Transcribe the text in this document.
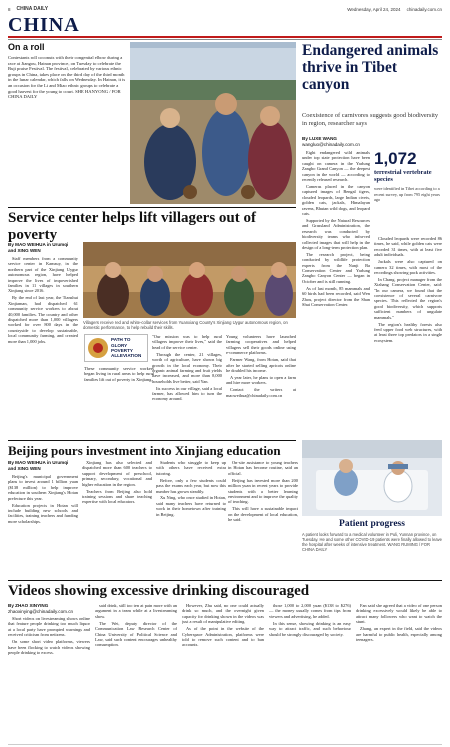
8 CHINA DAILY	Wednesday, April 24, 2024 chinadaily.com.cn
CHINA
On a roll
Contestants roll coconuts with their congenital elbow during a race at Jiangou, Hainan province, on Tuesday to celebrate the Buji praise Festival. The festival, celebrated by various ethnic groups in China, takes place on the third day of the third month in the lunar calendar, which falls on Wednesday. In Hainan, it is an occasion for the Li and Miao ethnic groups to celebrate a good harvest for the young to court. SHE HANYONG / FOR CHINA DAILY
Endangered animals thrive in Tibet canyon
Coexistence of carnivores suggests good biodiversity in region, researcher says
By LUXE WANG
wangluo@chinadaily.com.cn

Eight endangered wild animals under top state protection have been caught on camera in the Yarlung Zangbo Grand Canyon — the deepest canyon in the world — according to recently released research.

Cameras placed in the canyon captured images of Bengal tigers, clouded leopards, large Indian civets, golden cats, jackals, Himalayan ravens, Bhutan wild dogs, and leopard cats.

Supported by the Natural Resources and Grassland Administration, the research was conducted by biodiversity teams who infra-red collected images that will help in the design of a long-term protection plan.

The research project, being conducted by wildlife protection experts from the Nanji Ba Conservation Center and Yarlung Zangbo Canyon Center — began in October and is still running.

As of last month, 85 mammals and 60 birds had been recorded, said Wen Zhou, project director from the Shan Shui Conservation Center.

1,072
terrestrial vertebrate species
were identified in Tibet according to a recent survey, up from 795 eight years ago

Clouded leopards were recorded 86 times, he said, while golden cats were recorded 31 times, with at least five adult individuals.

Jackals were also captured on camera 32 times, with most of the recordings showing pack activities.

In Chang, project manager from the Xizhang Conservation Center, said: "In our camera, we found that the coexistence of several carnivore species. This reflected the region's good biodiversity, which supports sufficient numbers of ungulate mammals."

The region's healthy forests also feed upper food web structures, with at least three top predators in a single ecosystem.

Service center helps lift villagers out of poverty
By MAO WEIHUA in Urumqi
and XING WEN

Staff members from a community service center in Kamzuy, in the northern part of the Xinjiang Uygur autonomous region, have helped improve the lives of impoverished families in 11 villages in southern Xinjiang since 2016.

By the end of last year, the Tianshui Xinjiaman, had dispatched 61 community service workers to about 40,000 families. The country and other dispatched more than 1,000 villagers worked for over 800 days in the countryside to develop sustainable, local community farming, and created more than 1,000 jobs.

Villagers receive red and white-collar services from Yuanxiang County's Xinjiang Uygur autonomous region, on domestic performance, to help rebuild their skills.
PATH TO GLORY POVERTY ALLEVIATION

These community service workers began living in rural areas to help rural families lift out of poverty in Xinjiang.

"Our mission was to help rural villagers improve their lives," said the head of the service center.

Through the center, 21 villages, worth of agriculture, have shown big growth in the local economy. Their organic animal farming and fruit yields have increased, and more than 8,000 households live better, said Yan.

Its success in our village, said a local farmer, has allowed him to turn the economy around.

Young volunteers have launched farming cooperatives and helped villagers sell their goods online using e-commerce platforms.

Farmer Wang, from Hotan, said that after he started selling apricots online he doubled his income.

A year later, he plans to open a farm and hire more workers.

Contact the writers at maoweihua@chinadaily.com.cn

Beijing pours investment into Xinjiang education
By MAO WEIHUA in Urumqi
and XING WEN

Beijing's municipal government plans to invest around 1 billion yuan ($138 million) to help improve education in southern Xinjiang's Hotan prefecture this year.

Education projects in Hotan will include building new schools and facilities, training teachers and funding more scholarships.

Xinjiang has also selected and dispatched more than 600 teachers to support development of preschool, primary, secondary, vocational and higher education in the region.

Teachers from Beijing also hold training sessions and share teaching expertise with local educators.

Students who struggle to keep up with others have received extra tutoring.

Before, only a few students could pass the exams each year, but now this number has grown steadily.

Xu Ning, who once studied in Hotan, said many teachers have returned to work in their hometown after training in Beijing.

On-site assistance to young teachers in Hotan has become routine, said an official.

Beijing has invested more than 200 million yuan in recent years to provide students with a better learning environment and to improve the quality of teaching.

This will have a sustainable impact on the development of local education, he said.	Patient progress
A patient looks forward to a medical volunteer in Puli, Yunnan province, on Tuesday. He and some other COVID-19 patients were finally allowed to leave the hospital after weeks of intensive treatment. WANG RUMING / FOR CHINA DAILY
Videos showing excessive drinking discouraged
By ZHAO XINYING
zhaoxinying@chinadaily.com.cn

Short videos on livestreaming shows online that feature people drinking too much liquor at a local party have prompted warnings and received criticism from netizens.

On some short video platforms, viewers have been flocking to watch videos showing people drinking to excess.

said drink, still too ten at pain more with an argument in a team while at a livestreaming show.

The Wei, deputy director of the Communication Law Research Center of China University of Political Science and Law, said such content encourages unhealthy consumption.

However, Zhu said, no one could actually drink so much, and the overnight given capacity for drinking shown in the videos was just a result of manipulative editing.

As of the point in the website of the Cyberspace Administration, platforms were told to remove such content and to ban accounts.

those 1,000 to 2,000 yuan ($138 to $276) — the money usually comes from tips from viewers and advertising, he added.

In this sense, showing drinking is an easy way to attract traffic, and such behaviour should be strongly discouraged by society.

Fan said she agreed that a video of one person drinking excessively would likely be able to attract many followers who want to watch the stunt.

Zhang, an expert in the field, said the videos are harmful to public health, especially among teenagers.
